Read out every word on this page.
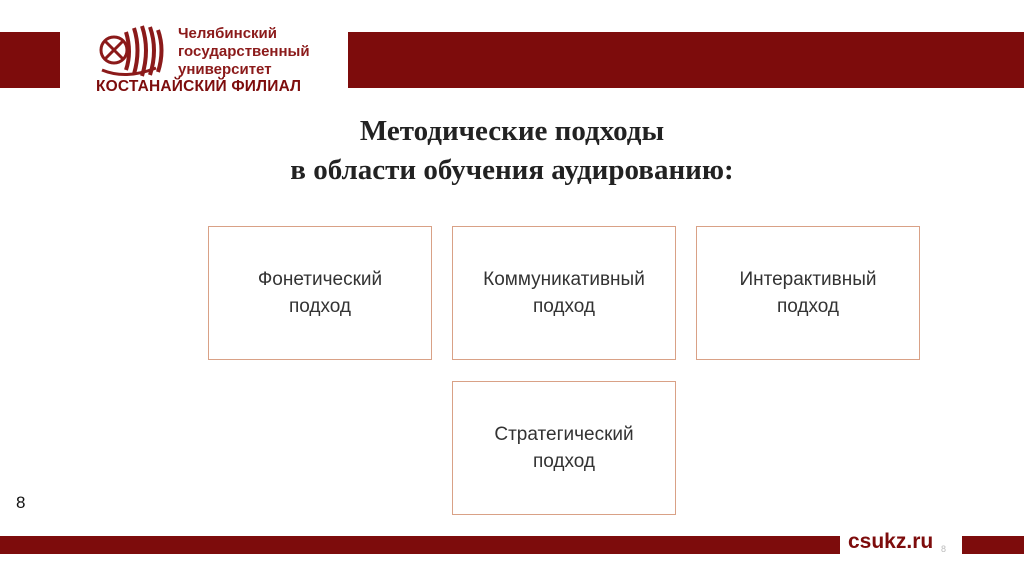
Челябинский
государственный
университет
КОСТАНАЙСКИЙ ФИЛИАЛ
Методические подходы
в области обучения аудированию:
Фонетический
подход
Коммуникативный
подход
Интерактивный
подход
Стратегический
подход
8
csukz.ru 8
